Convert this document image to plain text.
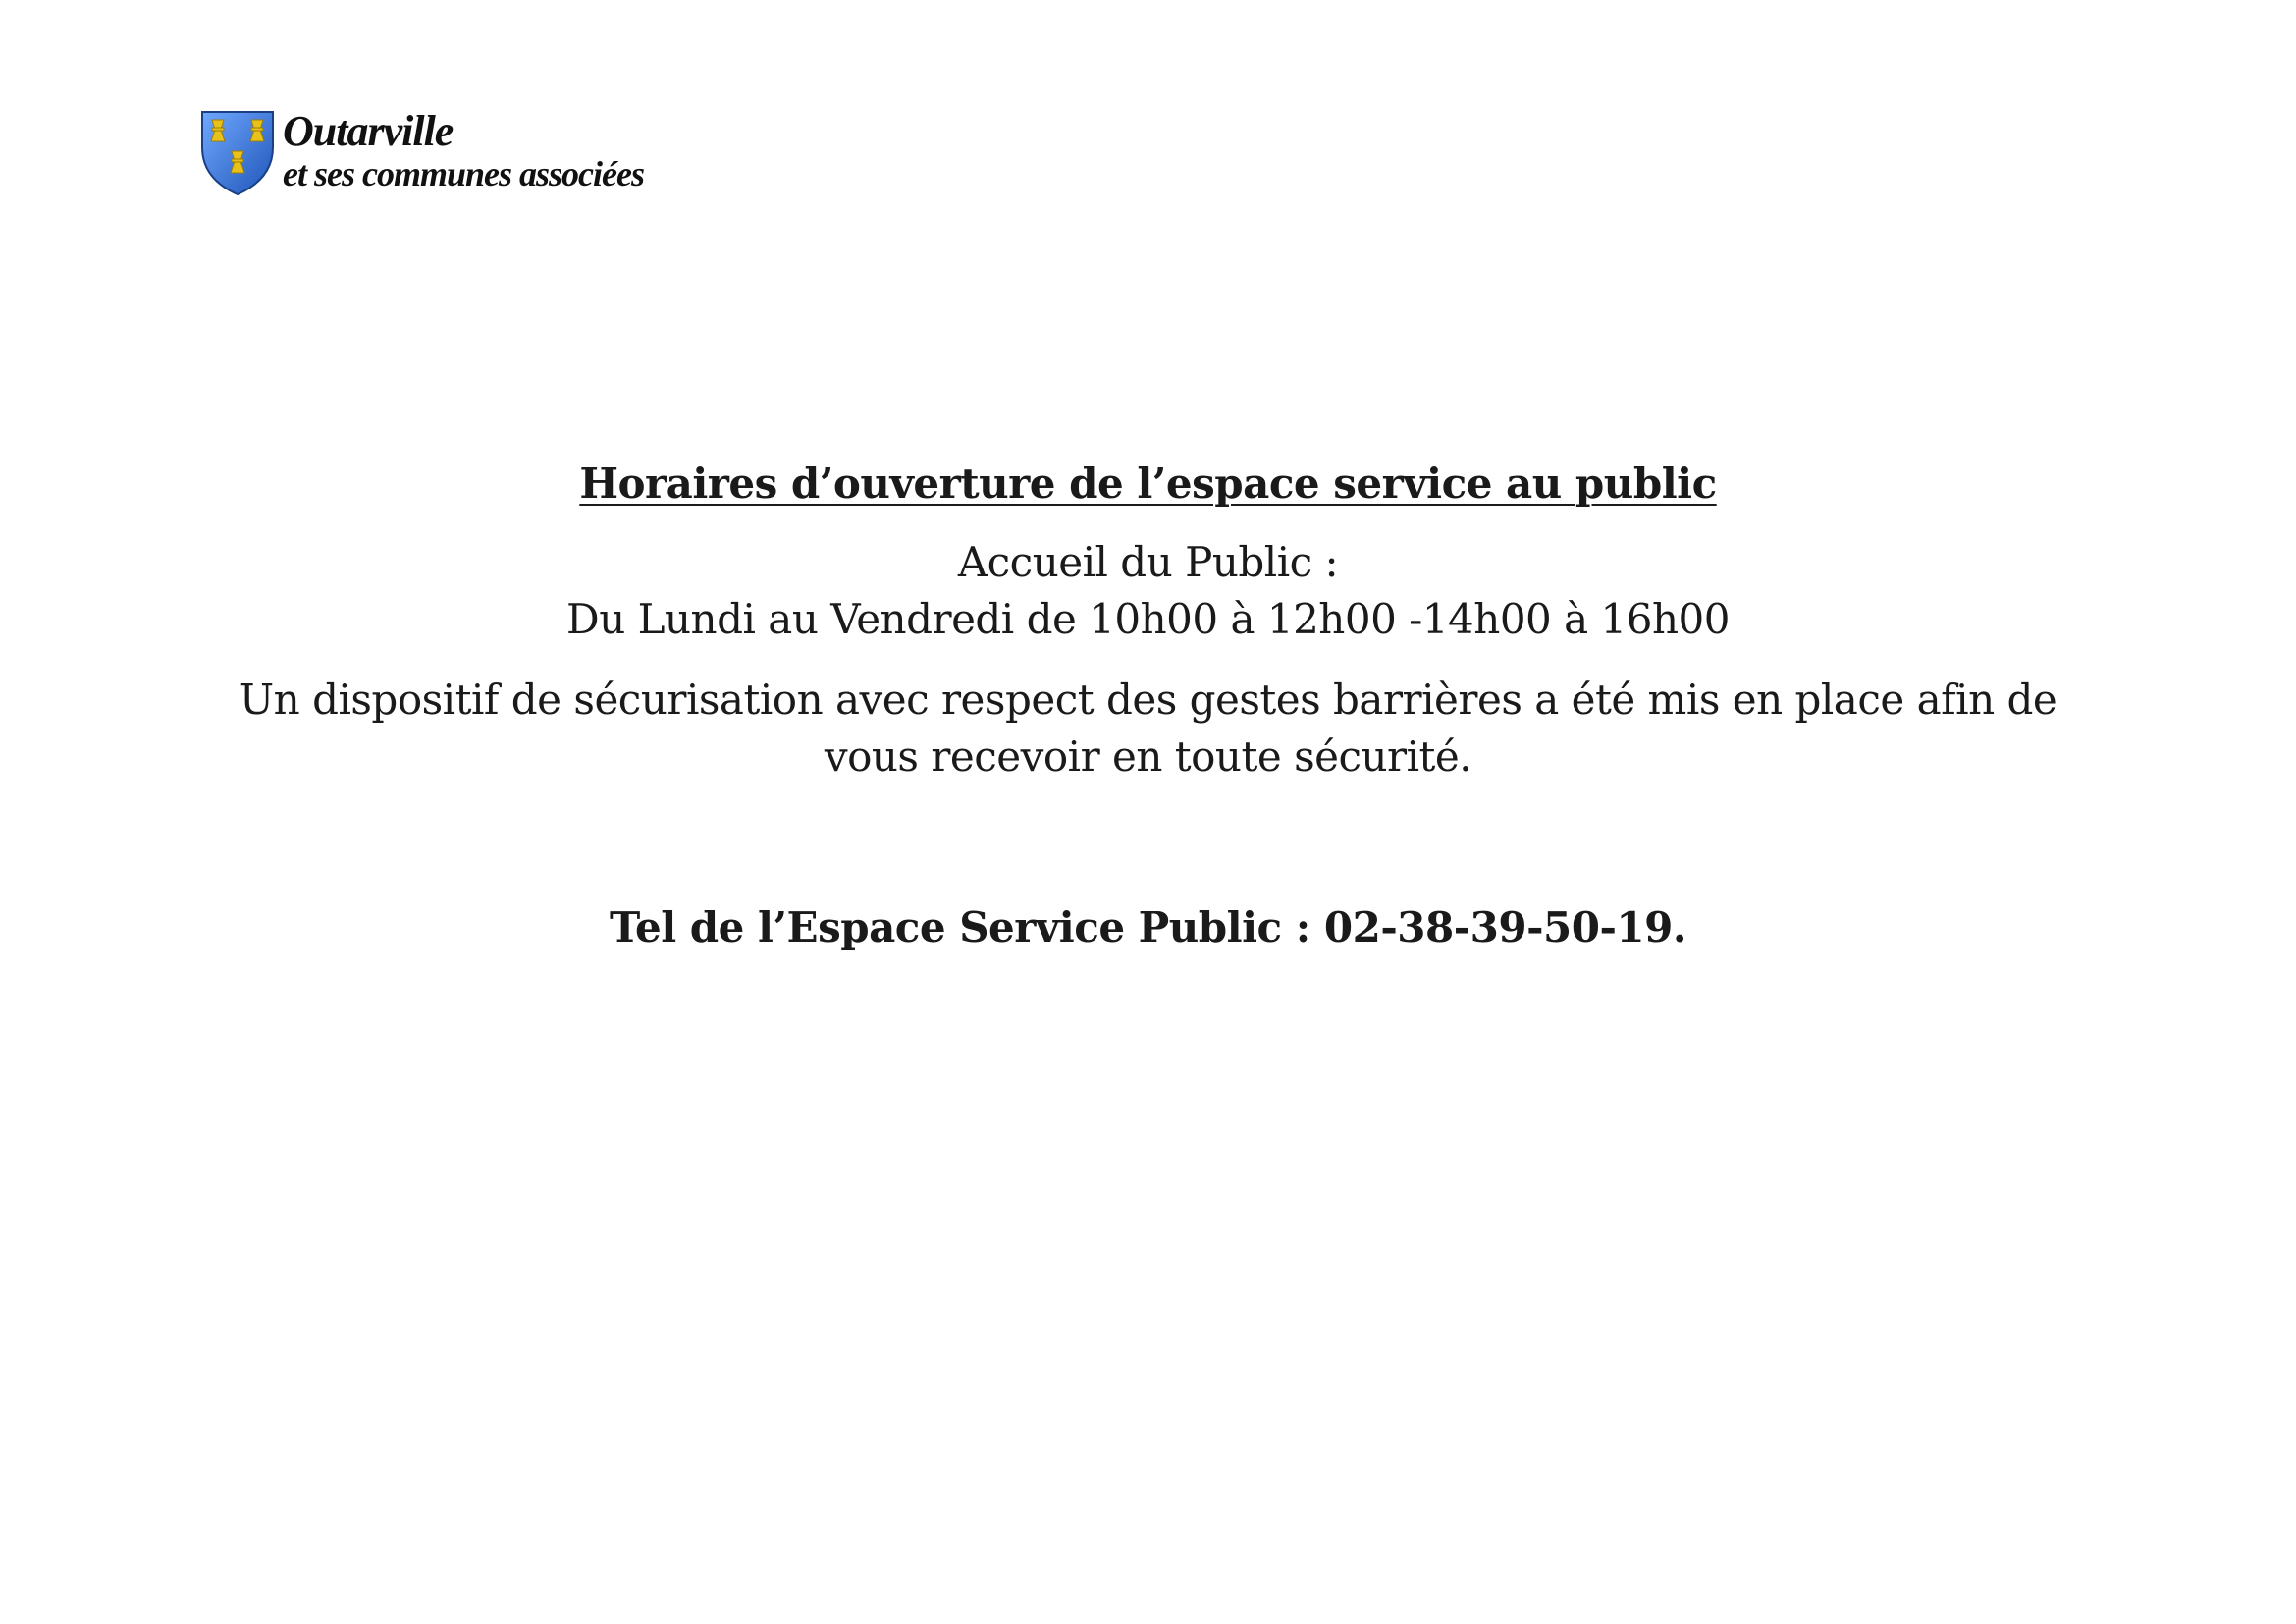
Outarville
et ses communes associées
Horaires d’ouverture de l’espace service au public
Accueil du Public :
Du Lundi au Vendredi de 10h00 à 12h00 -14h00 à 16h00
Un dispositif de sécurisation avec respect des gestes barrières a été mis en place afin de
vous recevoir en toute sécurité.
Tel de l’Espace Service Public : 02-38-39-50-19.
